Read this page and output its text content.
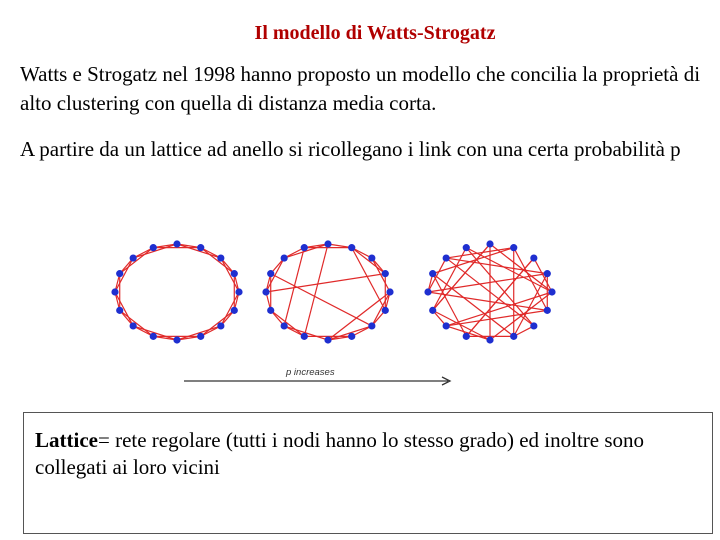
Il modello di Watts-Strogatz

Watts e Strogatz nel 1998 hanno proposto un modello che concilia la proprietà di alto clustering con quella di distanza media corta.

A partire da un lattice ad anello si ricollegano i link con una certa probabilità p

p increases
Lattice= rete regolare (tutti i nodi hanno lo stesso grado) ed inoltre sono collegati ai loro vicini
